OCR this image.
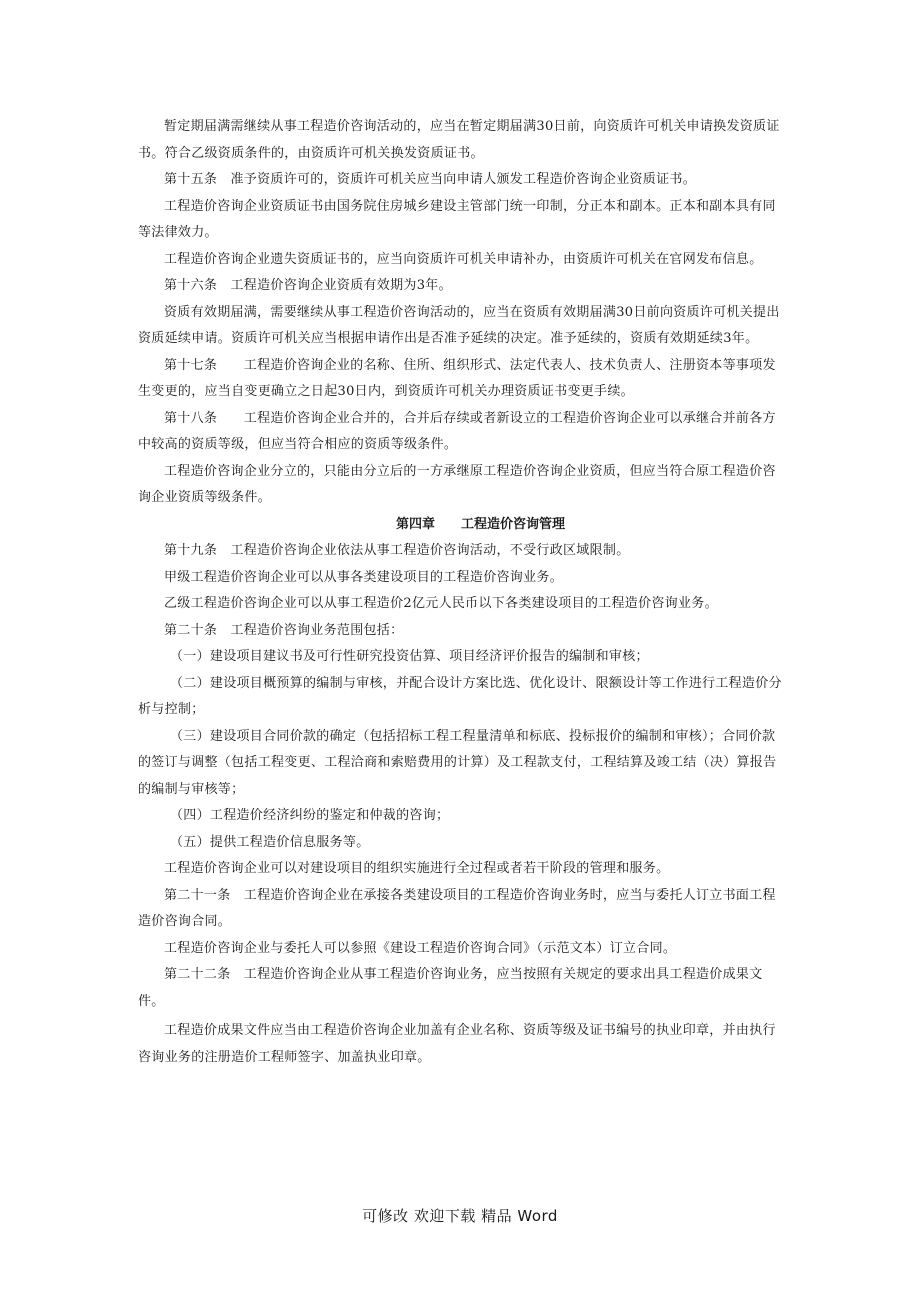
暂定期届满需继续从事工程造价咨询活动的，应当在暂定期届满30日前，向资质许可机关申请换发资质证书。符合乙级资质条件的，由资质许可机关换发资质证书。

第十五条　准予资质许可的，资质许可机关应当向申请人颁发工程造价咨询企业资质证书。

工程造价咨询企业资质证书由国务院住房城乡建设主管部门统一印制，分正本和副本。正本和副本具有同等法律效力。

工程造价咨询企业遗失资质证书的，应当向资质许可机关申请补办，由资质许可机关在官网发布信息。

第十六条　工程造价咨询企业资质有效期为3年。

资质有效期届满，需要继续从事工程造价咨询活动的，应当在资质有效期届满30日前向资质许可机关提出资质延续申请。资质许可机关应当根据申请作出是否准予延续的决定。准予延续的，资质有效期延续3年。

第十七条　　工程造价咨询企业的名称、住所、组织形式、法定代表人、技术负责人、注册资本等事项发生变更的，应当自变更确立之日起30日内，到资质许可机关办理资质证书变更手续。

第十八条　　工程造价咨询企业合并的，合并后存续或者新设立的工程造价咨询企业可以承继合并前各方中较高的资质等级，但应当符合相应的资质等级条件。

工程造价咨询企业分立的，只能由分立后的一方承继原工程造价咨询企业资质，但应当符合原工程造价咨询企业资质等级条件。

第四章　　工程造价咨询管理

第十九条　工程造价咨询企业依法从事工程造价咨询活动，不受行政区域限制。

甲级工程造价咨询企业可以从事各类建设项目的工程造价咨询业务。

乙级工程造价咨询企业可以从事工程造价2亿元人民币以下各类建设项目的工程造价咨询业务。

第二十条　工程造价咨询业务范围包括：

（一）建设项目建议书及可行性研究投资估算、项目经济评价报告的编制和审核；

（二）建设项目概预算的编制与审核，并配合设计方案比选、优化设计、限额设计等工作进行工程造价分析与控制；

（三）建设项目合同价款的确定（包括招标工程工程量清单和标底、投标报价的编制和审核）；合同价款的签订与调整（包括工程变更、工程洽商和索赔费用的计算）及工程款支付，工程结算及竣工结（决）算报告的编制与审核等；

（四）工程造价经济纠纷的鉴定和仲裁的咨询；

（五）提供工程造价信息服务等。

工程造价咨询企业可以对建设项目的组织实施进行全过程或者若干阶段的管理和服务。

第二十一条　工程造价咨询企业在承接各类建设项目的工程造价咨询业务时，应当与委托人订立书面工程造价咨询合同。

工程造价咨询企业与委托人可以参照《建设工程造价咨询合同》（示范文本）订立合同。

第二十二条　工程造价咨询企业从事工程造价咨询业务，应当按照有关规定的要求出具工程造价成果文件。

工程造价成果文件应当由工程造价咨询企业加盖有企业名称、资质等级及证书编号的执业印章，并由执行咨询业务的注册造价工程师签字、加盖执业印章。

可修改 欢迎下载 精品 Word
